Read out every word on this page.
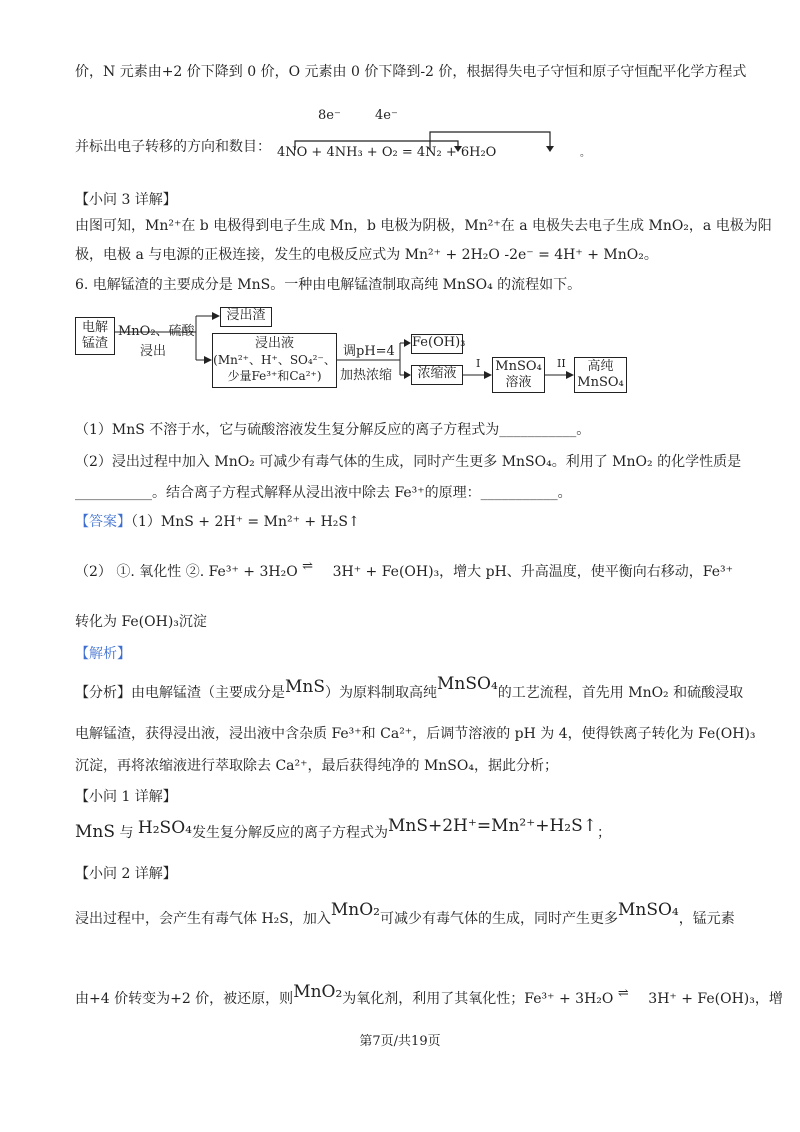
价，N 元素由+2 价下降到 0 价，O 元素由 0 价下降到-2 价，根据得失电子守恒和原子守恒配平化学方程式
并标出电子转移的方向和数目：
8e⁻	4e⁻
4NO + 4NH₃ + O₂ = 4N₂ + 6H₂O	。
【小问 3 详解】
由图可知，Mn²⁺在 b 电极得到电子生成 Mn，b 电极为阴极，Mn²⁺在 a 电极失去电子生成 MnO₂，a 电极为阳
极，电极 a 与电源的正极连接，发生的电极反应式为 Mn²⁺ + 2H₂O -2e⁻ = 4H⁺ + MnO₂。
6. 电解锰渣的主要成分是 MnS。一种由电解锰渣制取高纯 MnSO₄ 的流程如下。
电解
锰渣
MnO₂、硫酸
浸出
浸出渣
浸出液
(Mn²⁺、H⁺、SO₄²⁻、
少量Fe³⁺和Ca²⁺)
调pH=4
加热浓缩
Fe(OH)₃
浓缩液
I MnSO₄
溶液
II	高纯
MnSO₄
（1）MnS 不溶于水，它与硫酸溶液发生复分解反应的离子方程式为___________。
（2）浸出过程中加入 MnO₂ 可减少有毒气体的生成，同时产生更多 MnSO₄。利用了 MnO₂ 的化学性质是
___________。结合离子方程式解释从浸出液中除去 Fe³⁺的原理：___________。
【答案】（1）MnS + 2H⁺ = Mn²⁺ + H₂S↑
（2） ①. 氧化性 ②. Fe³⁺ + 3H₂O ⇌ 3H⁺ + Fe(OH)₃，增大 pH、升高温度，使平衡向右移动，Fe³⁺
转化为 Fe(OH)₃沉淀
【解析】
【分析】由电解锰渣（主要成分是MnS）为原料制取高纯MnSO₄的工艺流程，首先用 MnO₂ 和硫酸浸取
电解锰渣，获得浸出液，浸出液中含杂质 Fe³⁺和 Ca²⁺，后调节溶液的 pH 为 4，使得铁离子转化为 Fe(OH)₃
沉淀，再将浓缩液进行萃取除去 Ca²⁺，最后获得纯净的 MnSO₄，据此分析；
【小问 1 详解】
MnS 与 H₂SO₄发生复分解反应的离子方程式为MnS+2H⁺=Mn²⁺+H₂S↑；
【小问 2 详解】
浸出过程中，会产生有毒气体 H₂S，加入MnO₂可减少有毒气体的生成，同时产生更多MnSO₄，锰元素
由+4 价转变为+2 价，被还原，则MnO₂为氧化剂，利用了其氧化性；Fe³⁺ + 3H₂O ⇌ 3H⁺ + Fe(OH)₃，增
第7页/共19页
